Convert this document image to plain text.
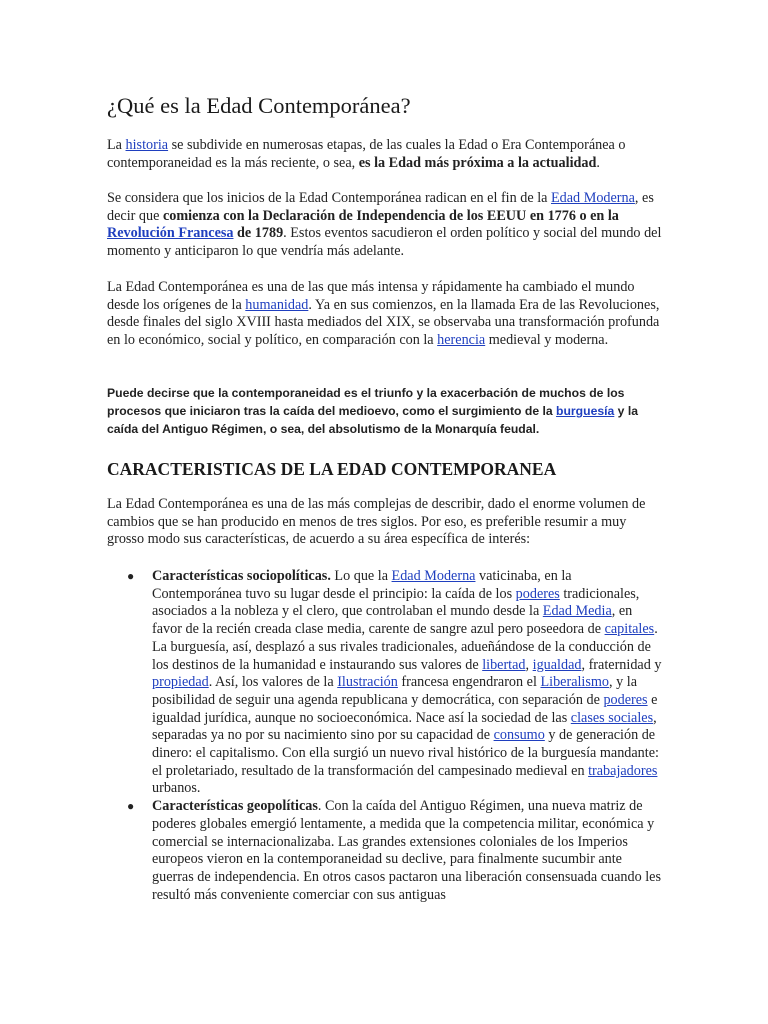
¿Qué es la Edad Contemporánea?

La historia se subdivide en numerosas etapas, de las cuales la Edad o Era Contemporánea o contemporaneidad es la más reciente, o sea, es la Edad más próxima a la actualidad.

Se considera que los inicios de la Edad Contemporánea radican en el fin de la Edad Moderna, es decir que comienza con la Declaración de Independencia de los EEUU en 1776 o en la Revolución Francesa de 1789. Estos eventos sacudieron el orden político y social del mundo del momento y anticiparon lo que vendría más adelante.

La Edad Contemporánea es una de las que más intensa y rápidamente ha cambiado el mundo desde los orígenes de la humanidad. Ya en sus comienzos, en la llamada Era de las Revoluciones, desde finales del siglo XVIII hasta mediados del XIX, se observaba una transformación profunda en lo económico, social y político, en comparación con la herencia medieval y moderna.

Puede decirse que la contemporaneidad es el triunfo y la exacerbación de muchos de los procesos que iniciaron tras la caída del medioevo, como el surgimiento de la burguesía y la caída del Antiguo Régimen, o sea, del absolutismo de la Monarquía feudal.

CARACTERISTICAS DE LA EDAD CONTEMPORANEA

La Edad Contemporánea es una de las más complejas de describir, dado el enorme volumen de cambios que se han producido en menos de tres siglos. Por eso, es preferible resumir a muy grosso modo sus características, de acuerdo a su área específica de interés:

● Características sociopolíticas. Lo que la Edad Moderna vaticinaba, en la Contemporánea tuvo su lugar desde el principio: la caída de los poderes tradicionales, asociados a la nobleza y el clero, que controlaban el mundo desde la Edad Media, en favor de la recién creada clase media, carente de sangre azul pero poseedora de capitales. La burguesía, así, desplazó a sus rivales tradicionales, adueñándose de la conducción de los destinos de la humanidad e instaurando sus valores de libertad, igualdad, fraternidad y propiedad. Así, los valores de la Ilustración francesa engendraron el Liberalismo, y la posibilidad de seguir una agenda republicana y democrática, con separación de poderes e igualdad jurídica, aunque no socioeconómica. Nace así la sociedad de las clases sociales, separadas ya no por su nacimiento sino por su capacidad de consumo y de generación de dinero: el capitalismo. Con ella surgió un nuevo rival histórico de la burguesía mandante: el proletariado, resultado de la transformación del campesinado medieval en trabajadores urbanos.
● Características geopolíticas. Con la caída del Antiguo Régimen, una nueva matriz de poderes globales emergió lentamente, a medida que la competencia militar, económica y comercial se internacionalizaba. Las grandes extensiones coloniales de los Imperios europeos vieron en la contemporaneidad su declive, para finalmente sucumbir ante guerras de independencia. En otros casos pactaron una liberación consensuada cuando les resultó más conveniente comerciar con sus antiguas
